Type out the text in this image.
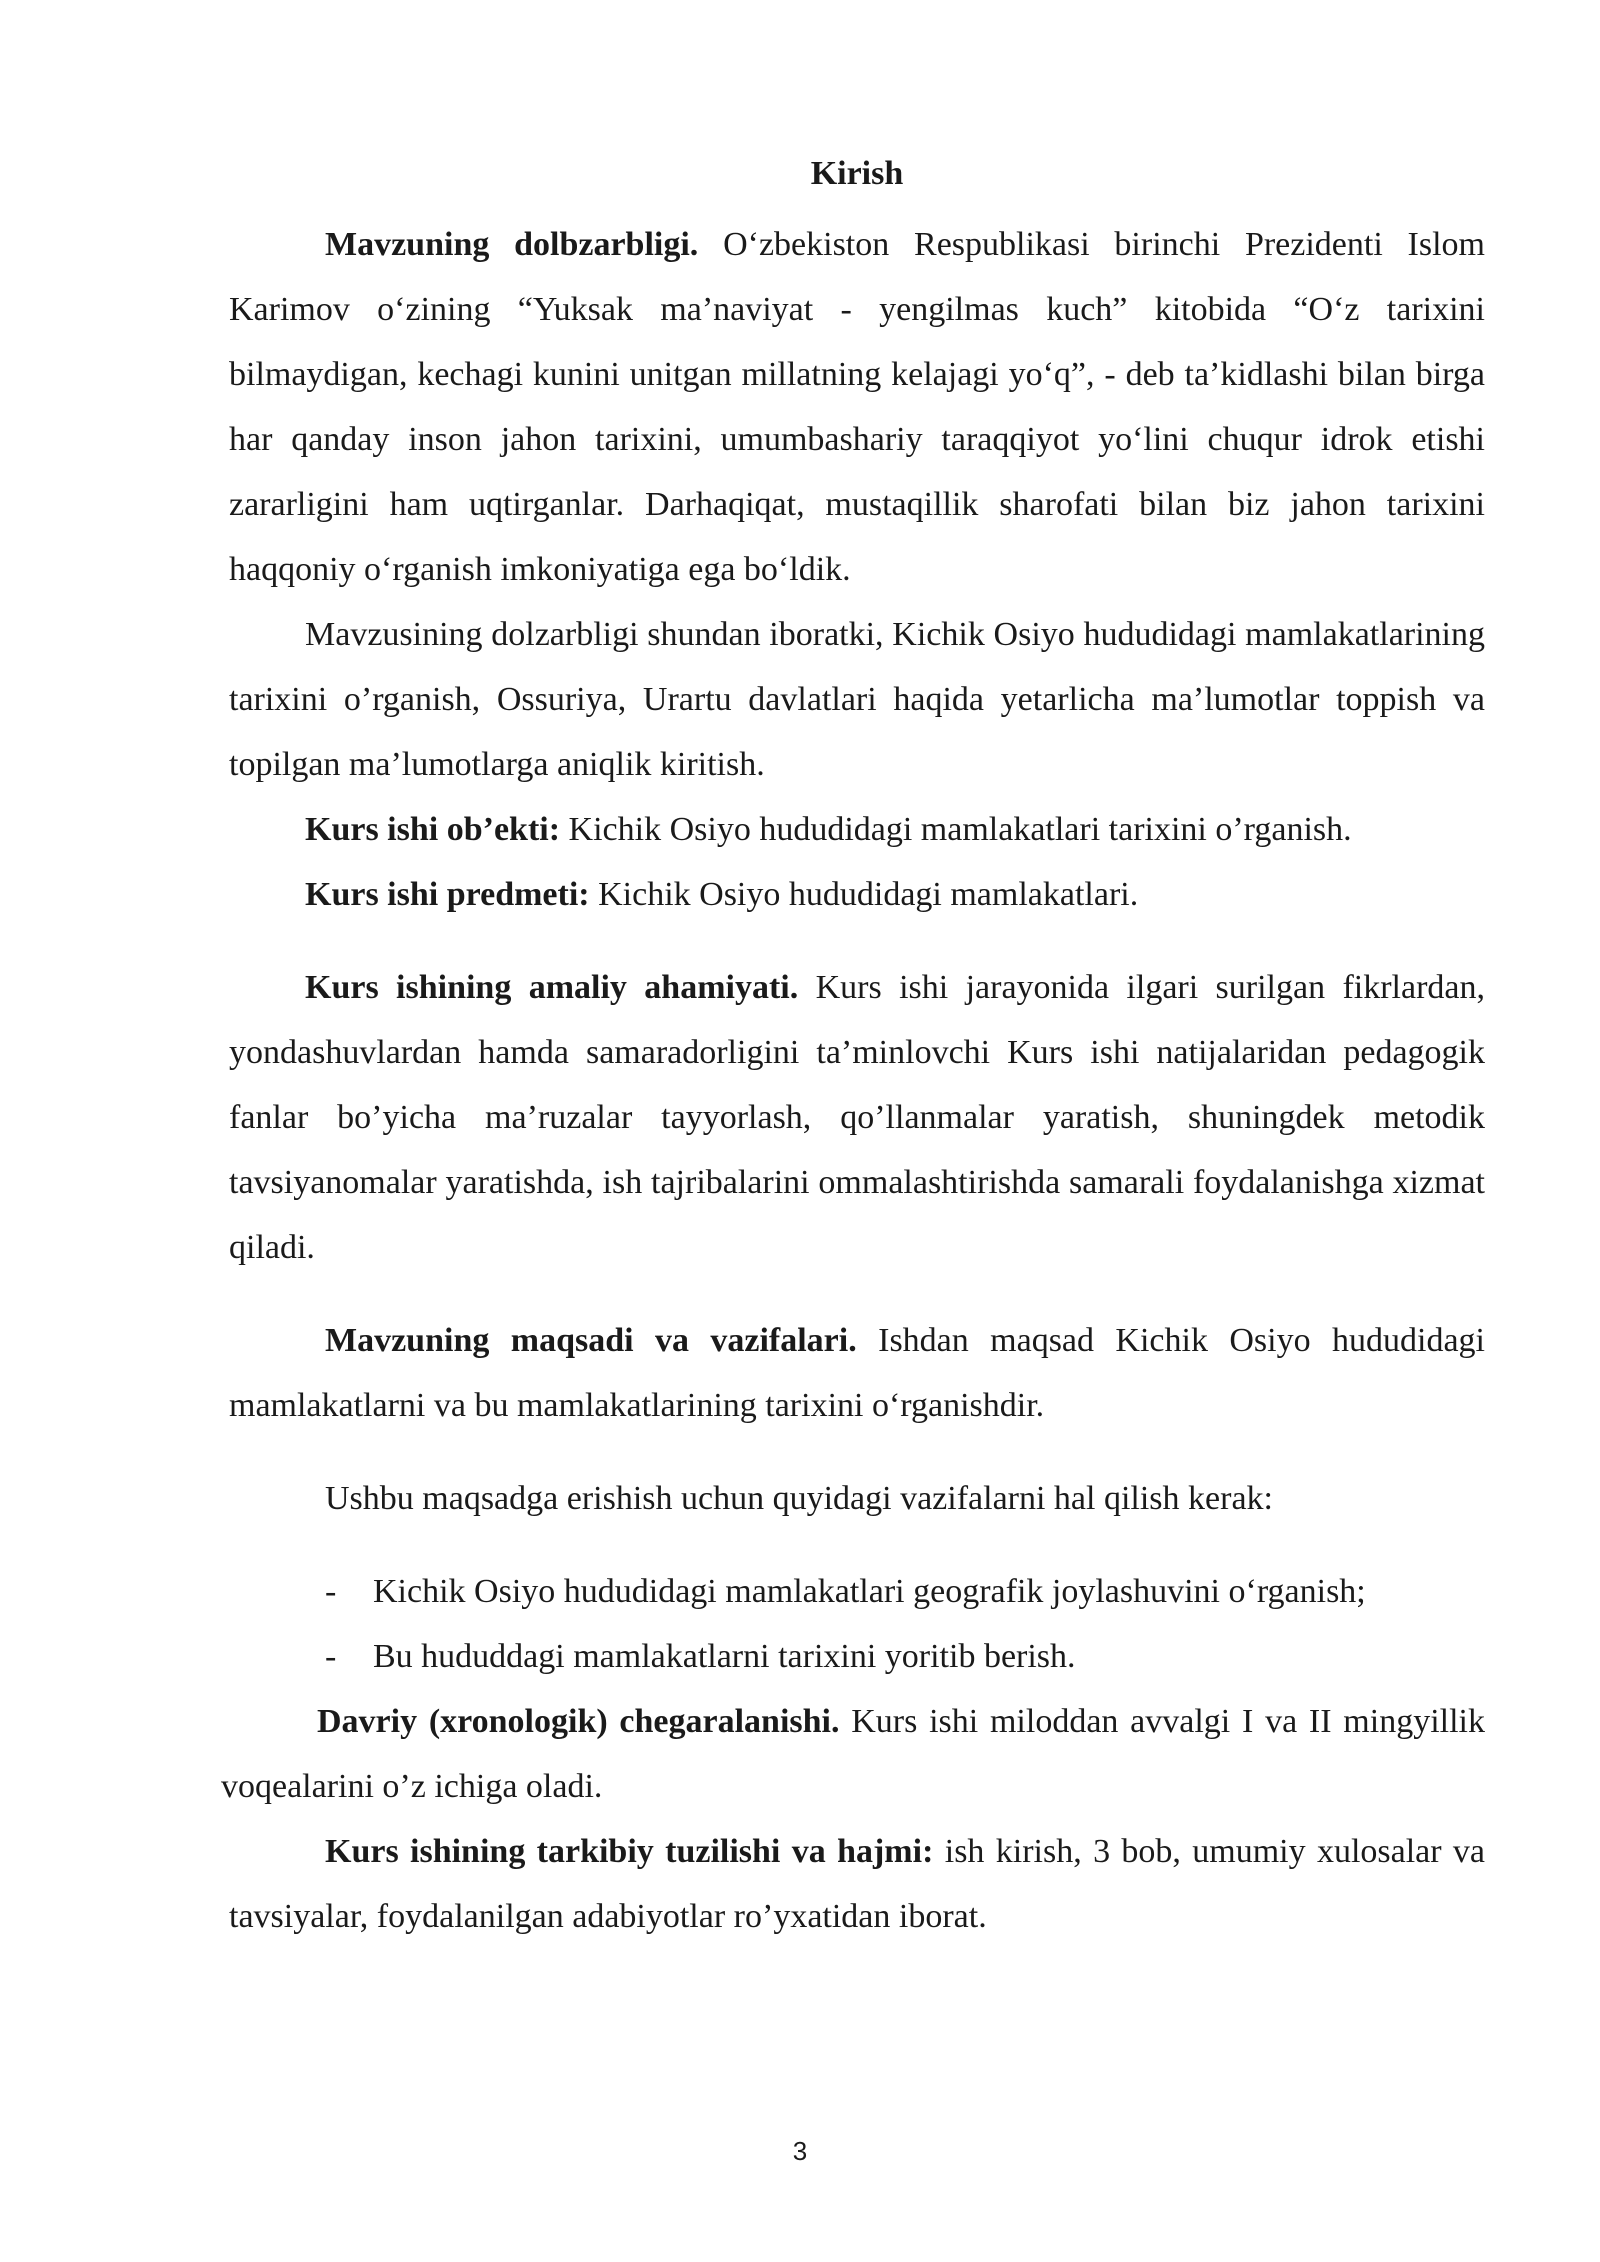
Kirish

Mavzuning dolbzarbligi. O‘zbekiston Respublikasi birinchi Prezidenti Islom Karimov o‘zining “Yuksak ma’naviyat - yengilmas kuch” kitobida “O‘z tarixini bilmaydigan, kechagi kunini unitgan millatning kelajagi yo‘q”, - deb ta’kidlashi bilan birga har qanday inson jahon tarixini, umumbashariy taraqqiyot yo‘lini chuqur idrok etishi zararligini ham uqtirganlar. Darhaqiqat, mustaqillik sharofati bilan biz jahon tarixini haqqoniy o‘rganish imkoniyatiga ega bo‘ldik.

Mavzusining dolzarbligi shundan iboratki, Kichik Osiyo hududidagi mamlakatlarining tarixini o’rganish, Ossuriya, Urartu davlatlari haqida yetarlicha ma’lumotlar toppish va topilgan ma’lumotlarga aniqlik kiritish.

Kurs ishi ob’ekti: Kichik Osiyo hududidagi mamlakatlari tarixini o’rganish.

Kurs ishi predmeti: Kichik Osiyo hududidagi mamlakatlari.

Kurs ishining amaliy ahamiyati. Kurs ishi jarayonida ilgari surilgan fikrlardan, yondashuvlardan hamda samaradorligini ta’minlovchi Kurs ishi natijalaridan pedagogik fanlar bo’yicha ma’ruzalar tayyorlash, qo’llanmalar yaratish, shuningdek metodik tavsiyanomalar yaratishda, ish tajribalarini ommalashtirishda samarali foydalanishga xizmat qiladi.

Mavzuning maqsadi va vazifalari. Ishdan maqsad Kichik Osiyo hududidagi mamlakatlarni va bu mamlakatlarining tarixini o‘rganishdir.

Ushbu maqsadga erishish uchun quyidagi vazifalarni hal qilish kerak:

- Kichik Osiyo hududidagi mamlakatlari geografik joylashuvini o‘rganish;
- Bu hududdagi mamlakatlarni tarixini yoritib berish.

Davriy (xronologik) chegaralanishi. Kurs ishi miloddan avvalgi I va II mingyillik voqealarini o’z ichiga oladi.

Kurs ishining tarkibiy tuzilishi va hajmi: ish kirish, 3 bob, umumiy xulosalar va tavsiyalar, foydalanilgan adabiyotlar ro’yxatidan iborat.

3
